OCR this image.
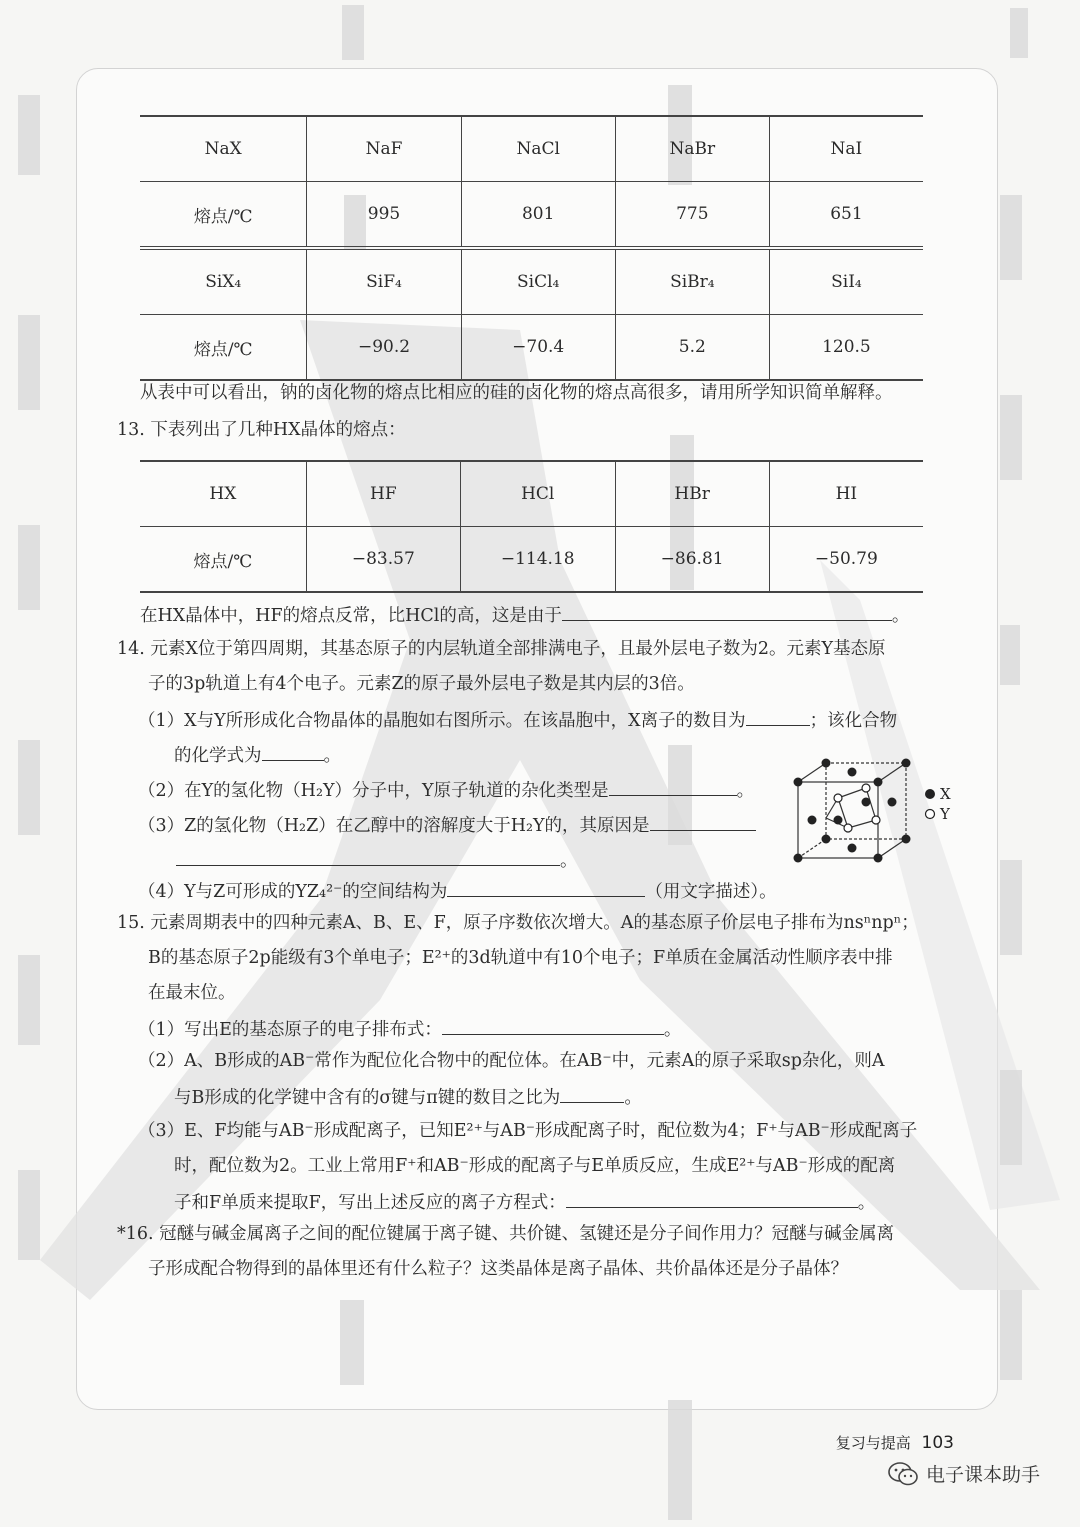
NaX	NaF	NaCl	NaBr	NaI
熔点/℃	995	801	775	651
SiX₄	SiF₄	SiCl₄	SiBr₄	SiI₄
熔点/℃	−90.2	−70.4	5.2	120.5
从表中可以看出，钠的卤化物的熔点比相应的硅的卤化物的熔点高很多，请用所学知识简单解释。
13. 下表列出了几种HX晶体的熔点：
HX	HF	HCl	HBr	HI
熔点/℃	−83.57	−114.18	−86.81	−50.79
在HX晶体中，HF的熔点反常，比HCl的高，这是由于	。
14. 元素X位于第四周期，其基态原子的内层轨道全部排满电子，且最外层电子数为2。元素Y基态原
子的3p轨道上有4个电子。元素Z的原子最外层电子数是其内层的3倍。
（1）X与Y所形成化合物晶体的晶胞如右图所示。在该晶胞中，X离子的数目为	；该化合物
的化学式为	。
（2）在Y的氢化物（H₂Y）分子中，Y原子轨道的杂化类型是	。
（3）Z的氢化物（H₂Z）在乙醇中的溶解度大于H₂Y的，其原因是
。
（4）Y与Z可形成的YZ₄²⁻的空间结构为	（用文字描述）。
X
Y
15. 元素周期表中的四种元素A、B、E、F，原子序数依次增大。A的基态原子价层电子排布为nsⁿnpⁿ；
B的基态原子2p能级有3个单电子；E²⁺的3d轨道中有10个电子；F单质在金属活动性顺序表中排
在最末位。
（1）写出E的基态原子的电子排布式：	。
（2）A、B形成的AB⁻常作为配位化合物中的配位体。在AB⁻中，元素A的原子采取sp杂化，则A
与B形成的化学键中含有的σ键与π键的数目之比为	。
（3）E、F均能与AB⁻形成配离子，已知E²⁺与AB⁻形成配离子时，配位数为4；F⁺与AB⁻形成配离子
时，配位数为2。工业上常用F⁺和AB⁻形成的配离子与E单质反应，生成E²⁺与AB⁻形成的配离
子和F单质来提取F，写出上述反应的离子方程式：	。
*16. 冠醚与碱金属离子之间的配位键属于离子键、共价键、氢键还是分子间作用力？冠醚与碱金属离
子形成配合物得到的晶体里还有什么粒子？这类晶体是离子晶体、共价晶体还是分子晶体？
复习与提高 103
电子课本助手
